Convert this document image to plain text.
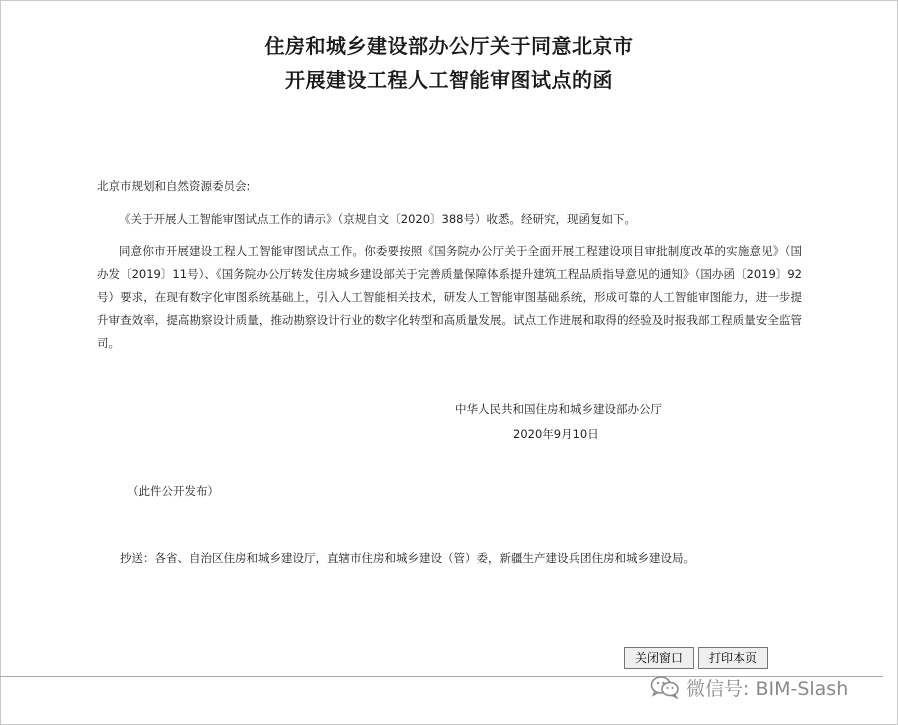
住房和城乡建设部办公厅关于同意北京市
开展建设工程人工智能审图试点的函
北京市规划和自然资源委员会:
《关于开展人工智能审图试点工作的请示》（京规自文〔2020〕388号）收悉。经研究，现函复如下。
同意你市开展建设工程人工智能审图试点工作。你委要按照《国务院办公厅关于全面开展工程建设项目审批制度改革的实施意见》（国办发〔2019〕11号）、《国务院办公厅转发住房城乡建设部关于完善质量保障体系提升建筑工程品质指导意见的通知》（国办函〔2019〕92号）要求，在现有数字化审图系统基础上，引入人工智能相关技术，研发人工智能审图基础系统，形成可靠的人工智能审图能力，进一步提升审查效率，提高勘察设计质量，推动勘察设计行业的数字化转型和高质量发展。试点工作进展和取得的经验及时报我部工程质量安全监管司。
中华人民共和国住房和城乡建设部办公厅
2020年9月10日
（此件公开发布）
抄送：各省、自治区住房和城乡建设厅，直辖市住房和城乡建设（管）委，新疆生产建设兵团住房和城乡建设局。
关闭窗口	打印本页
微信号: BIM-Slash
